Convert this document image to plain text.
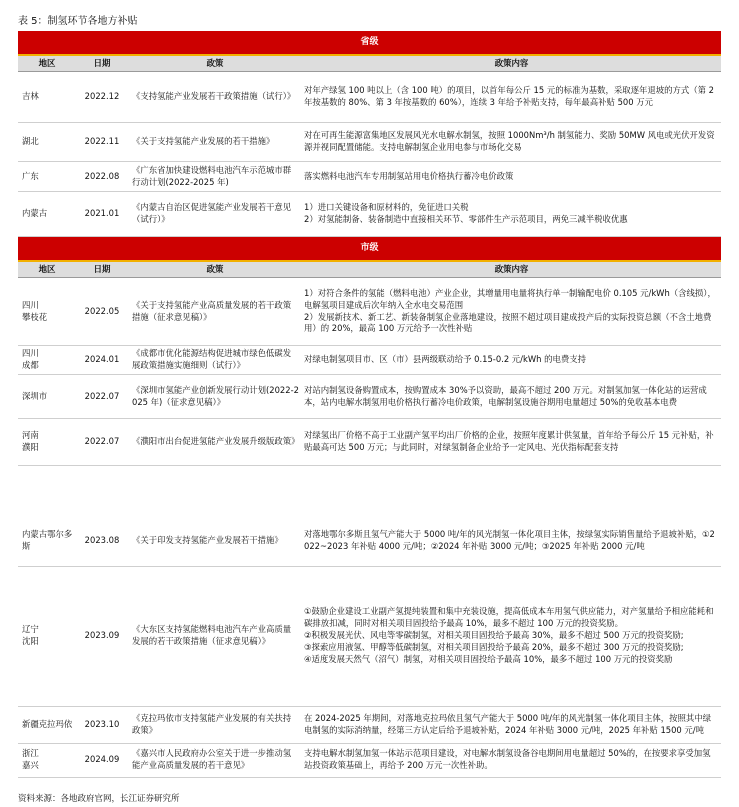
表 5：制氢环节各地方补贴
省级			
地区	日期	政策	政策内容

吉林	2022.12	《支持氢能产业发展若干政策措施（试行）》	对年产绿氢 100 吨以上（含 100 吨）的项目，以首年每公斤 15 元的标准为基数，采取逐年退坡的方式（第 2 年按基数的 80%、第 3 年按基数的 60%），连续 3 年给予补贴支持，每年最高补贴 500 万元

湖北	2022.11	《关于支持氢能产业发展的若干措施》	对在可再生能源富集地区发展风光水电解水制氢，按照 1000Nm³/h 制氢能力、奖励 50MW 风电或光伏开发资源并视同配置储能。支持电解制氢企业用电参与市场化交易

广东	2022.08	《广东省加快建设燃料电池汽车示范城市群行动计划(2022-2025 年)	落实燃料电池汽车专用制氢站用电价格执行蓄冷电价政策

内蒙古	2021.01	《内蒙古自治区促进氢能产业发展若干意见（试行）》	1）进口关键设备和原材料的，免征进口关税
2）对氢能制备、装备制造中直接相关环节、零部件生产示范项目，两免三减半税收优惠

市级			
地区	日期	政策	政策内容

四川
攀枝花	2022.05	《关于支持氢能产业高质量发展的若干政策措施（征求意见稿）》	1）对符合条件的氢能（燃料电池）产业企业，其增量用电量将执行单一制输配电价 0.105 元/kWh（含线损），电解氢项目建成后次年纳入全水电交易范围
2）发展新技术、新工艺、新装备制氢企业落地建设，按照不超过项目建成投产后的实际投资总额（不含土地费用）的 20%，最高 100 万元给予一次性补贴

四川
成都	2024.01	《成都市优化能源结构促进城市绿色低碳发展政策措施实施细则（试行）》	对绿电制氢项目市、区（市）县两级联动给予 0.15-0.2 元/kWh 的电费支持

深圳市	2022.07	《深圳市氢能产业创新发展行动计划(2022-2025 年)（征求意见稿）》	对站内制氢设备购置成本，按购置成本 30%予以资助，最高不超过 200 万元。对制氢加氢一体化站的运营成本，站内电解水制氢用电价格执行蓄冷电价政策，电解制氢设施谷期用电量超过 50%的免收基本电费

河南
濮阳	2022.07	《濮阳市出台促进氢能产业发展升级版政策》	对绿氢出厂价格不高于工业副产氢平均出厂价格的企业，按照年度累计供氢量，首年给予每公斤 15 元补贴，补贴最高可达 500 万元；与此同时，对绿氢制备企业给予一定风电、光伏指标配套支持
内蒙古鄂尔多斯	2023.08	《关于印发支持氢能产业发展若干措施》	对落地鄂尔多斯且氢气产能大于 5000 吨/年的风光制氢一体化项目主体，按绿氢实际销售量给予退坡补贴，①2022~2023 年补贴 4000 元/吨；②2024 年补贴 3000 元/吨；③2025 年补贴 2000 元/吨

辽宁
沈阳	2023.09	《大东区支持氢能燃料电池汽车产业高质量发展的若干政策措施（征求意见稿）》	①鼓励企业建设工业副产氢提纯装置和集中充装设施，提高低成本车用氢气供应能力，对产氢量给予相应能耗和碳排放扣减，同时对相关项目固投给予最高 10%，最多不超过 100 万元的投资奖励。
②积极发展光伏、风电等零碳制氢，对相关项目固投给予最高 30%，最多不超过 500 万元的投资奖励;
③探索应用液氢、甲醇等低碳制氢，对相关项目固投给予最高 20%，最多不超过 300 万元的投资奖励;
④适度发展天然气（沼气）制氢，对相关项目固投给予最高 10%，最多不超过 100 万元的投资奖励

新疆克拉玛依	2023.10	《克拉玛依市支持氢能产业发展的有关扶持政策》	在 2024-2025 年期间，对落地克拉玛依且氢气产能大于 5000 吨/年的风光制氢一体化项目主体，按照其中绿电制氢的实际消纳量，经第三方认定后给予退坡补贴，2024 年补贴 3000 元/吨，2025 年补贴 1500 元/吨

浙江
嘉兴	2024.09	《嘉兴市人民政府办公室关于进一步推动氢能产业高质量发展的若干意见》	支持电解水制氢加氢一体站示范项目建设，对电解水制氢设备谷电期间用电量超过 50%的，在按要求享受加氢站投资政策基础上，再给予 200 万元一次性补助。
资料来源：各地政府官网，长江证券研究所
